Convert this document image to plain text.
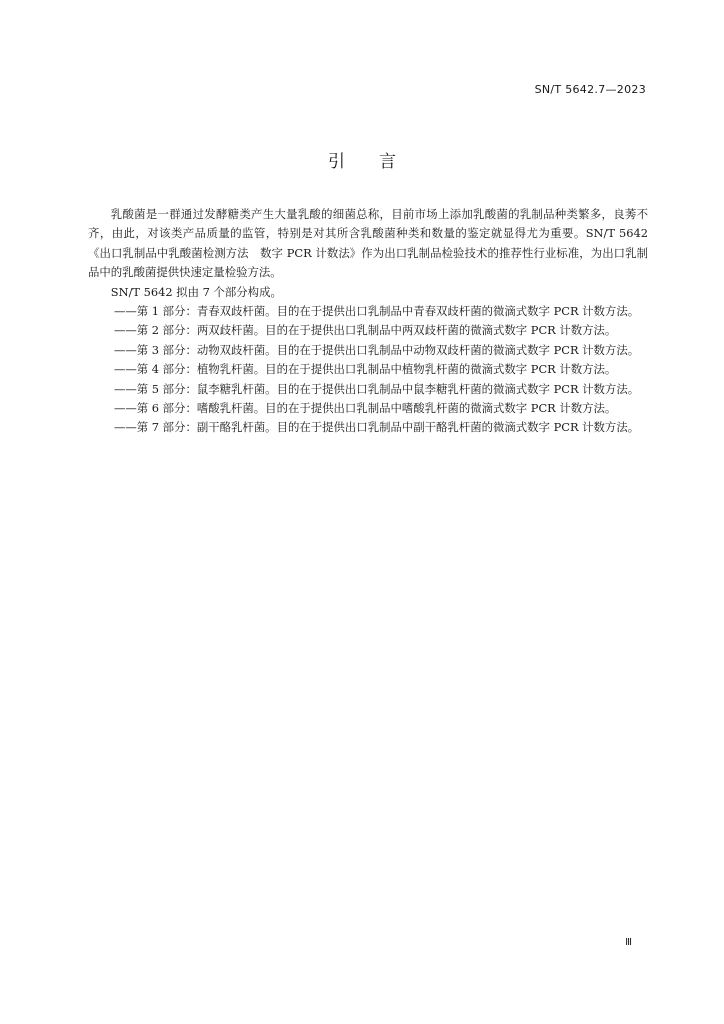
SN/T 5642.7—2023
引言

乳酸菌是一群通过发酵糖类产生大量乳酸的细菌总称，目前市场上添加乳酸菌的乳制品种类繁多，良莠不齐，由此，对该类产品质量的监管，特别是对其所含乳酸菌种类和数量的鉴定就显得尤为重要。SN/T 5642《出口乳制品中乳酸菌检测方法　数字 PCR 计数法》作为出口乳制品检验技术的推荐性行业标准，为出口乳制品中的乳酸菌提供快速定量检验方法。

SN/T 5642 拟由 7 个部分构成。

——第 1 部分：青春双歧杆菌。目的在于提供出口乳制品中青春双歧杆菌的微滴式数字 PCR 计数方法。
——第 2 部分：两双歧杆菌。目的在于提供出口乳制品中两双歧杆菌的微滴式数字 PCR 计数方法。
——第 3 部分：动物双歧杆菌。目的在于提供出口乳制品中动物双歧杆菌的微滴式数字 PCR 计数方法。
——第 4 部分：植物乳杆菌。目的在于提供出口乳制品中植物乳杆菌的微滴式数字 PCR 计数方法。
——第 5 部分：鼠李糖乳杆菌。目的在于提供出口乳制品中鼠李糖乳杆菌的微滴式数字 PCR 计数方法。
——第 6 部分：嗜酸乳杆菌。目的在于提供出口乳制品中嗜酸乳杆菌的微滴式数字 PCR 计数方法。
——第 7 部分：副干酪乳杆菌。目的在于提供出口乳制品中副干酪乳杆菌的微滴式数字 PCR 计数方法。
Ⅲ
